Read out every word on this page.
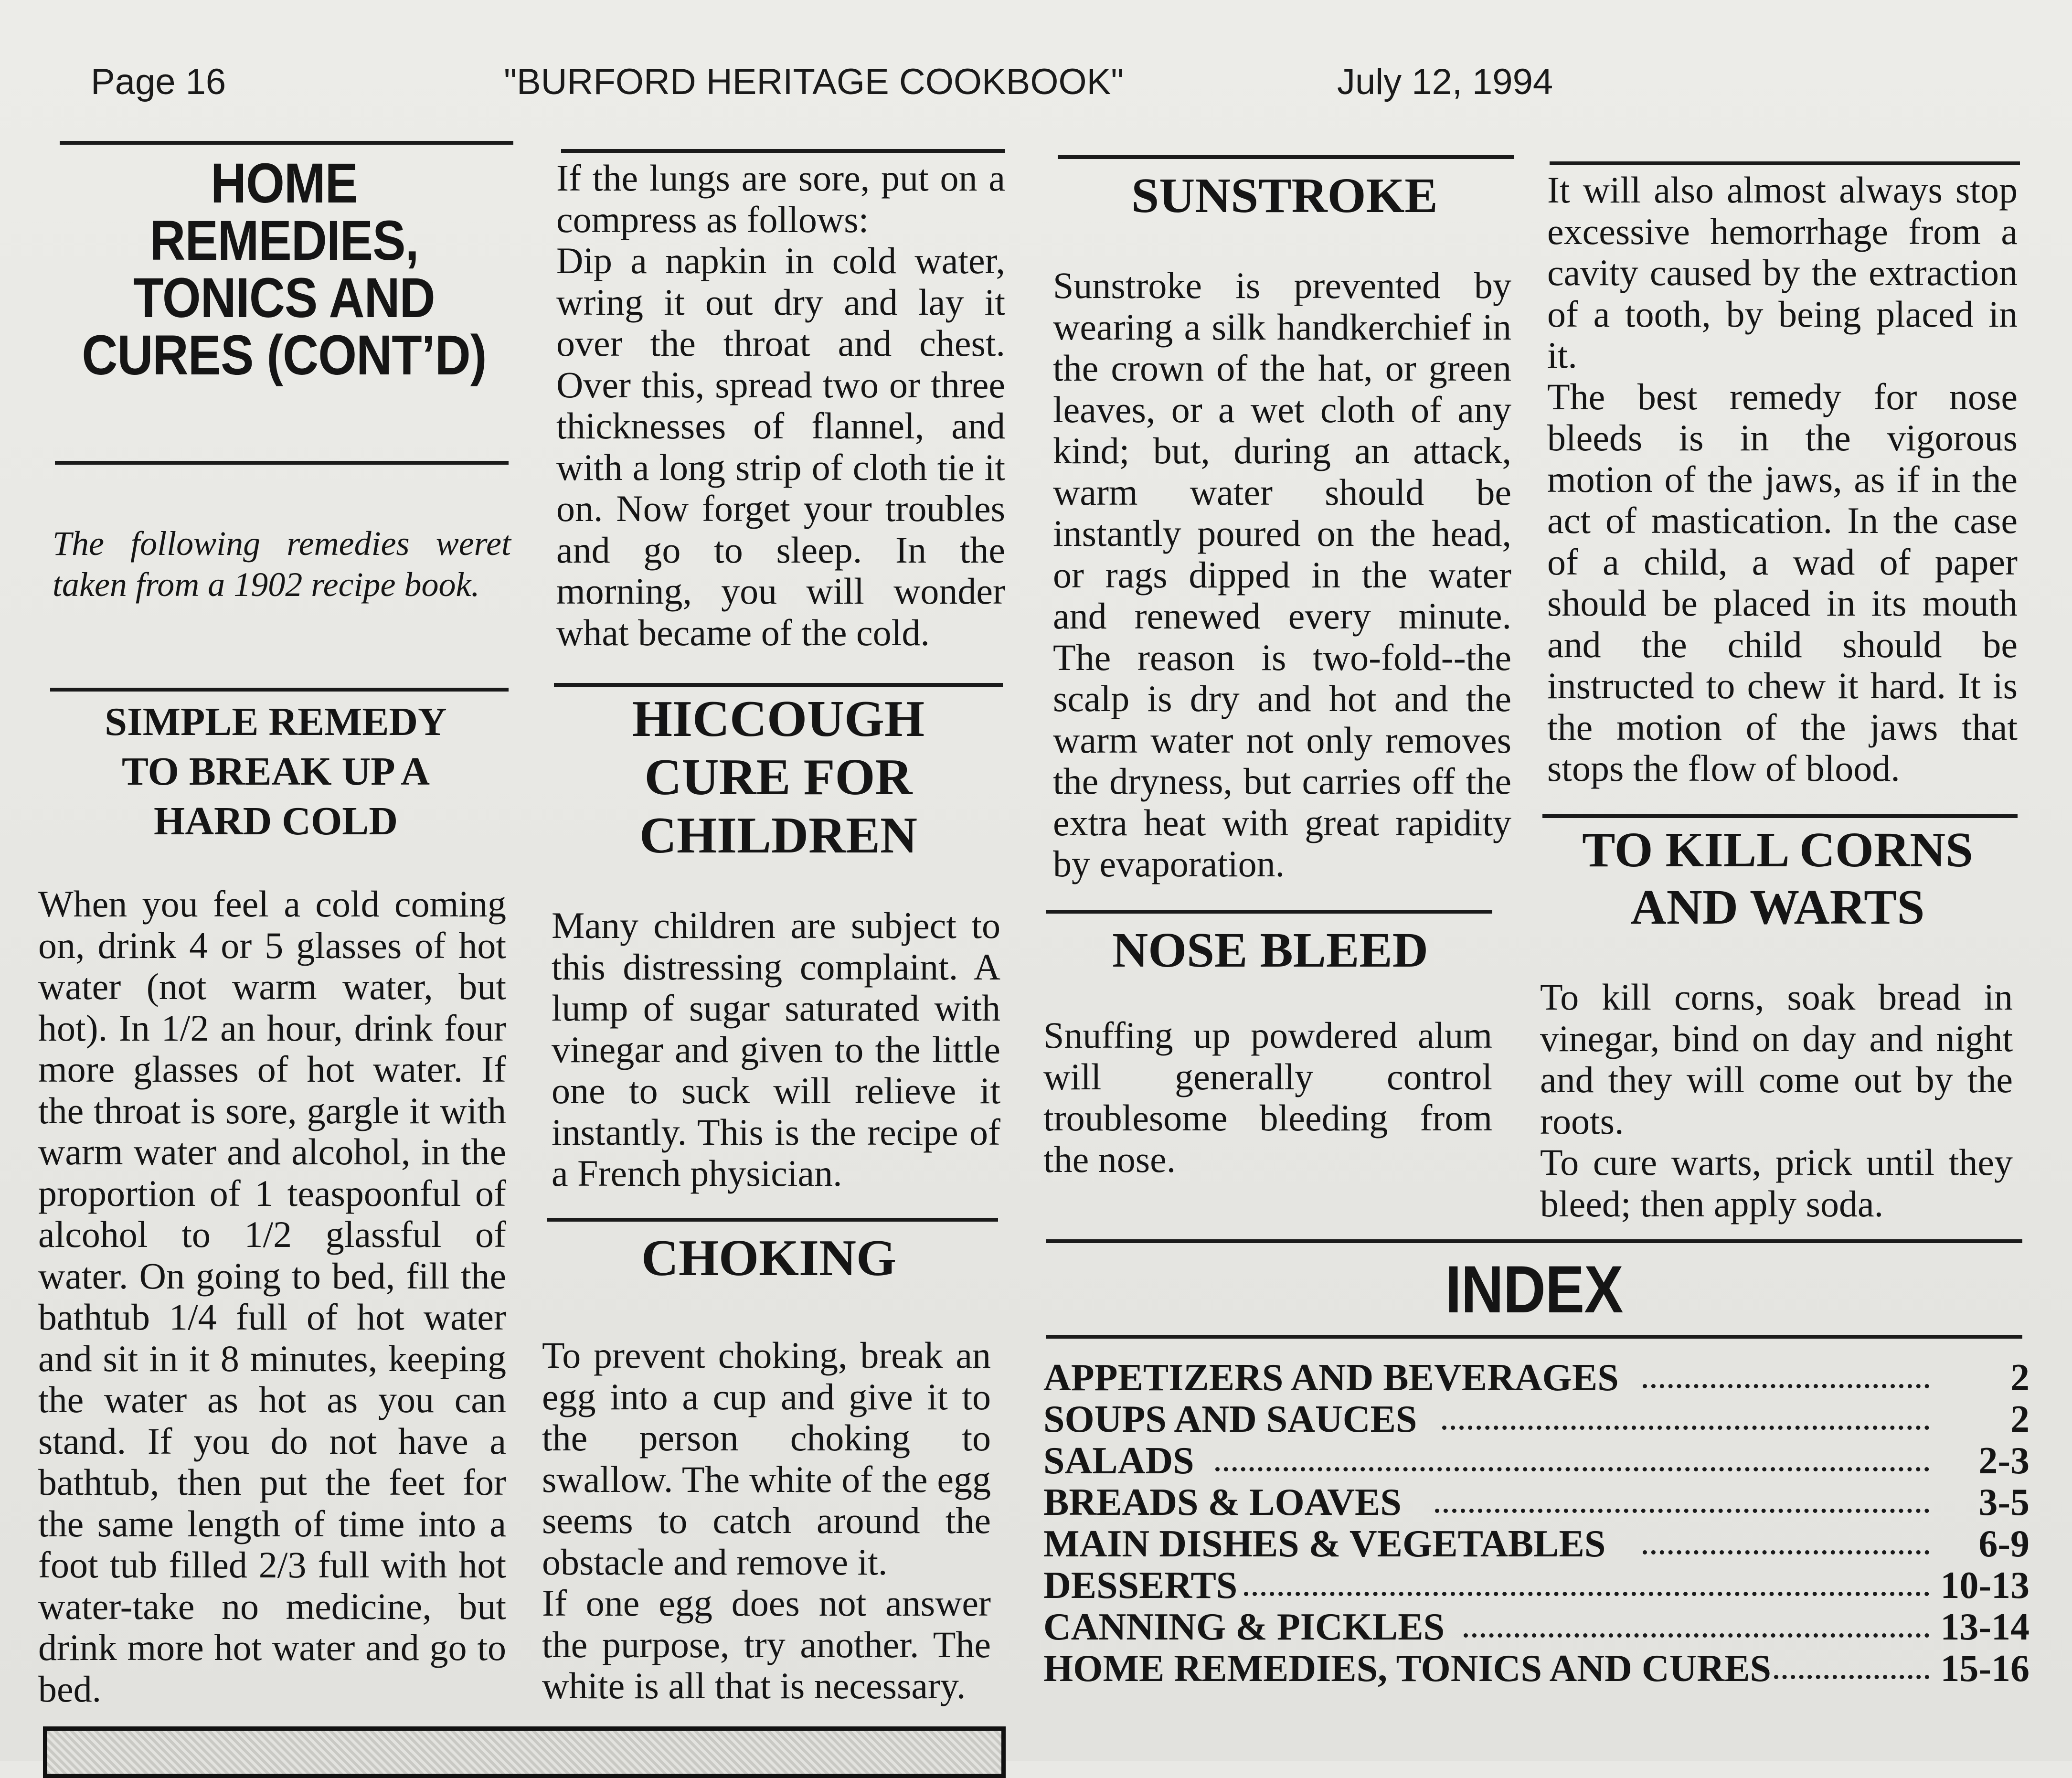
Page 16	"BURFORD HERITAGE COOKBOOK"	July 12, 1994
HOME
REMEDIES,
TONICS AND
CURES (CONT’D)
The following remedies weret taken from a 1902 recipe book.
SIMPLE REMEDY
TO BREAK UP A
HARD COLD
When you feel a cold coming on, drink 4 or 5 glasses of hot water (not warm water, but hot). In 1/2 an hour, drink four more glasses of hot water. If the throat is sore, gargle it with warm water and alcohol, in the proportion of 1 teaspoonful of alcohol to 1/2 glassful of water. On going to bed, fill the bathtub 1/4 full of hot water and sit in it 8 minutes, keeping the water as hot as you can stand. If you do not have a bathtub, then put the feet for the same length of time into a foot tub filled 2/3 full with hot water-take no medicine, but drink more hot water and go to bed.

If the lungs are sore, put on a compress as follows:

Dip a napkin in cold water, wring it out dry and lay it over the throat and chest. Over this, spread two or three thicknesses of flannel, and with a long strip of cloth tie it on. Now forget your troubles and go to sleep. In the morning, you will wonder what became of the cold.

HICCOUGH
CURE FOR
CHILDREN
Many children are subject to this distressing complaint. A lump of sugar saturated with vinegar and given to the little one to suck will relieve it instantly. This is the recipe of a French physician.
CHOKING

To prevent choking, break an egg into a cup and give it to the person choking to swallow. The white of the egg seems to catch around the obstacle and remove it.

If one egg does not answer the purpose, try another. The white is all that is necessary.

SUNSTROKE
Sunstroke is prevented by wearing a silk handkerchief in the crown of the hat, or green leaves, or a wet cloth of any kind; but, during an attack, warm water should be instantly poured on the head, or rags dipped in the water and renewed every minute. The reason is two-fold--the scalp is dry and hot and the warm water not only removes the dryness, but carries off the extra heat with great rapidity by evaporation.
NOSE BLEED
Snuffing up powdered alum will generally control troublesome bleeding from the nose.

It will also almost always stop excessive hemorrhage from a cavity caused by the extraction of a tooth, by being placed in it.

The best remedy for nose bleeds is in the vigorous motion of the jaws, as if in the act of mastication. In the case of a child, a wad of paper should be placed in its mouth and the child should be instructed to chew it hard. It is the motion of the jaws that stops the flow of blood.

TO KILL CORNS
AND WARTS

To kill corns, soak bread in vinegar, bind on day and night and they will come out by the roots.

To cure warts, prick until they bleed; then apply soda.

INDEX
APPETIZERS AND BEVERAGES	2
SOUPS AND SAUCES	2
SALADS	2-3
BREADS & LOAVES	3-5
MAIN DISHES & VEGETABLES	6-9
DESSERTS	10-13
CANNING & PICKLES	13-14
HOME REMEDIES, TONICS AND CURES	15-16
